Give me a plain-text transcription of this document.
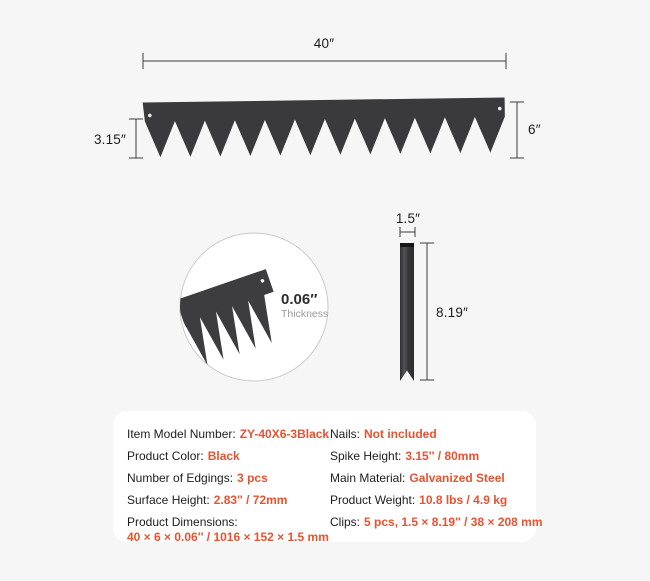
40″
3.15″
6″
0.06″
Thickness
1.5″
8.19″
Item Model Number: ZY-40X6-3Black
Product Color: Black
Number of Edgings: 3 pcs
Surface Height: 2.83'' / 72mm
Product Dimensions:
40 × 6 × 0.06'' / 1016 × 152 × 1.5 mm
Nails: Not included
Spike Height: 3.15'' / 80mm
Main Material: Galvanized Steel
Product Weight: 10.8 lbs / 4.9 kg
Clips: 5 pcs, 1.5 × 8.19'' / 38 × 208 mm
